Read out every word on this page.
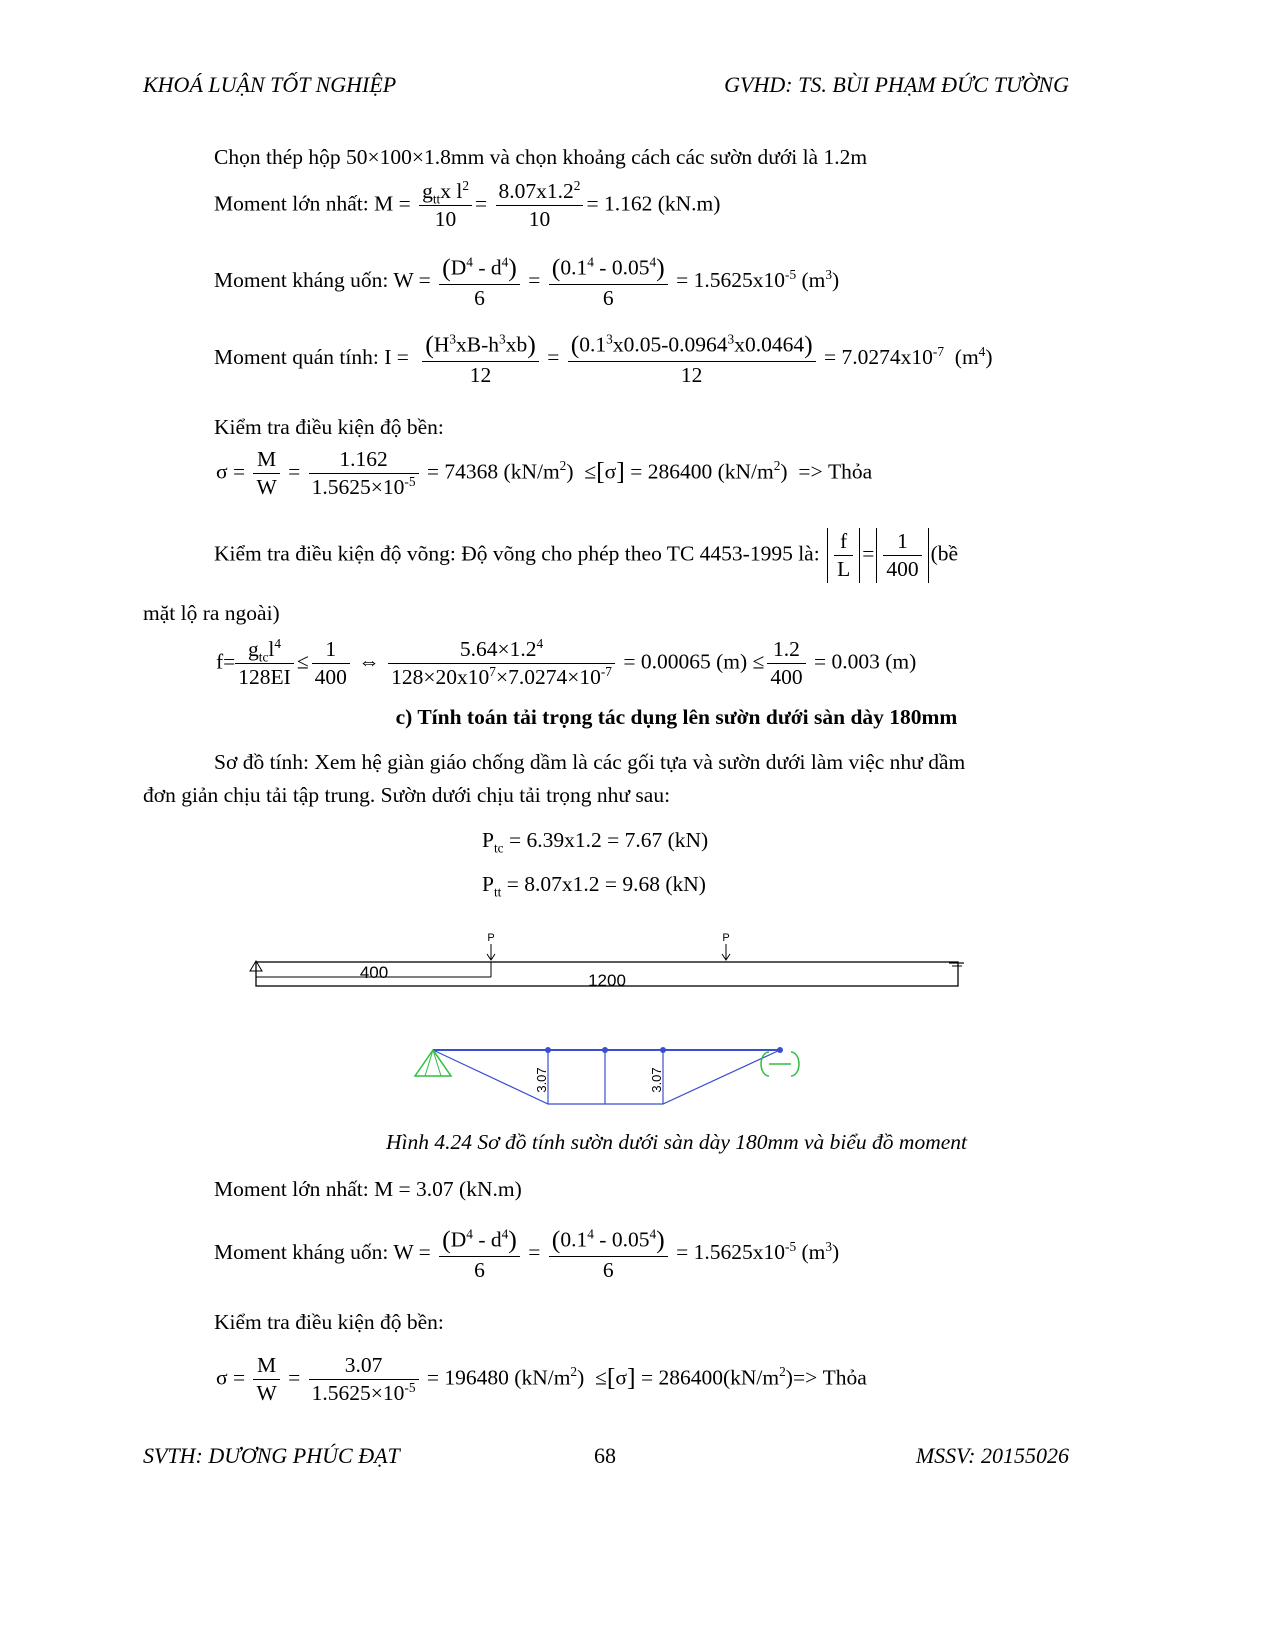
KHOÁ LUẬN TỐT NGHIỆP	GVHD: TS. BÙI PHẠM ĐỨC TƯỜNG
Chọn thép hộp 50×100×1.8mm và chọn khoảng cách các sườn dưới là 1.2m
Moment lớn nhất: $M = \frac{g_{tt}x l^2}{10} = \frac{8.07x1.2^2}{10} = 1.162$ (kN.m)
Moment kháng uốn: $W = \frac{(D^4 - d^4)}{6} = \frac{(0.1^4 - 0.05^4)}{6} = 1.5625x10^{-5}$ $(m^3)$
Moment quán tính: $I = \frac{(H^3xB-h^3xb)}{12} = \frac{(0.1^3x0.05-0.0964^3x0.0464)}{12} = 7.0274x10^{-7}$ $(m^4)$
Kiểm tra điều kiện độ bền:
$\sigma = \frac{M}{W} = \frac{1.162}{1.5625\times 10^{-5}} = 74368$ $(kN/m^2) \le[\sigma] = 286400$ $(kN/m^2)$  => Thỏa
Kiểm tra điều kiện độ võng: Độ võng cho phép theo TC 4453-1995 là: $\frac{f}{L} = \frac{1}{400}$ (bề
mặt lộ ra ngoài)
$f= \frac{g_{tc}l^4}{128EI} \le \frac{1}{400}$ ⇔ $\frac{5.64\times 1.2^4}{128\times 20x10^7\times 7.0274\times 10^{-7}} = 0.00065$ $(m) \le \frac{1.2}{400} = 0.003$ (m)
c) Tính toán tải trọng tác dụng lên sườn dưới sàn dày 180mm
Sơ đồ tính: Xem hệ giàn giáo chống dầm là các gối tựa và sườn dưới làm việc như dầm
đơn giản chịu tải tập trung. Sườn dưới chịu tải trọng như sau:
$P_{tc} = 6.39x1.2 = 7.67$ (kN)
$P_{tt} = 8.07x1.2 = 9.68$ (kN)
P	P
400	1200
3.07	3.07
Hình 4.24 Sơ đồ tính sườn dưới sàn dày 180mm và biểu đồ moment
Moment lớn nhất: M = 3.07 (kN.m)
Moment kháng uốn: $W = \frac{(D^4 - d^4)}{6} = \frac{(0.1^4 - 0.05^4)}{6} = 1.5625x10^{-5}$ $(m^3)$
Kiểm tra điều kiện độ bền:
$\sigma = \frac{M}{W} = \frac{3.07}{1.5625\times 10^{-5}} = 196480$ $(kN/m^2) \le[\sigma] = 286400(kN/m^2)=>$ Thỏa
SVTH: DƯƠNG PHÚC ĐẠT	68	MSSV: 20155026
